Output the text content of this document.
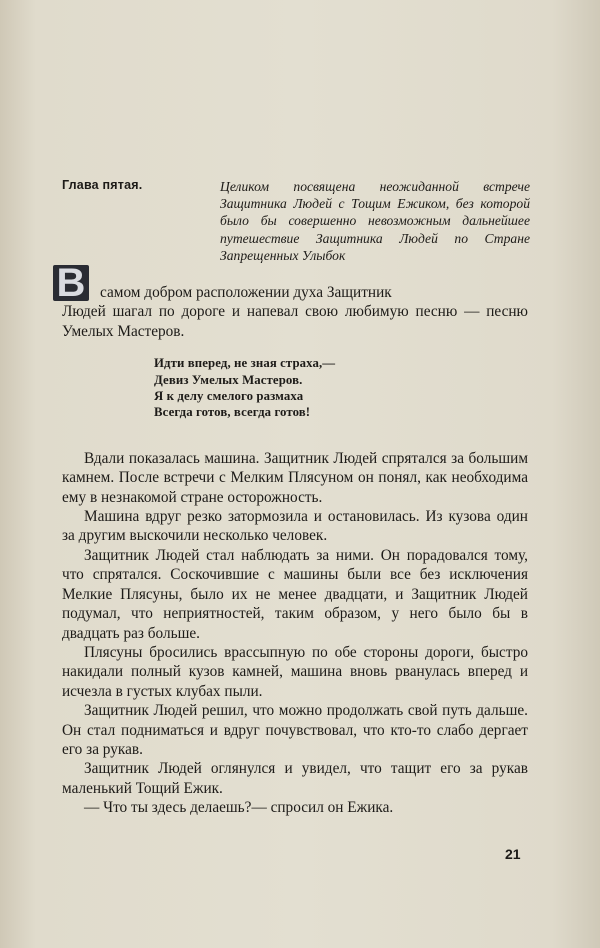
Глава пятая.	Целиком посвящена неожиданной встрече Защитника Людей с Тощим Ежиком, без которой было бы совершенно невозможным дальнейшее путешествие Защитника Людей по Стране Запрещенных Улыбок
В самом добром расположении духа Защитник

Людей шагал по дороге и напевал свою любимую песню — песню Умелых Мастеров.

Идти вперед, не зная страха,—
Девиз Умелых Мастеров.
Я к делу смелого размаха
Всегда готов, всегда готов!

Вдали показалась машина. Защитник Людей спрятался за большим камнем. После встречи с Мелким Плясуном он понял, как необходима ему в незнакомой стране осторожность.

Машина вдруг резко затормозила и остановилась. Из кузова один за другим выскочили несколько человек.

Защитник Людей стал наблюдать за ними. Он порадовался тому, что спрятался. Соскочившие с машины были все без исключения Мелкие Плясуны, было их не менее двадцати, и Защитник Людей подумал, что неприятностей, таким образом, у него было бы в двадцать раз больше.

Плясуны бросились врассыпную по обе стороны дороги, быстро накидали полный кузов камней, машина вновь рванулась вперед и исчезла в густых клубах пыли.

Защитник Людей решил, что можно продолжать свой путь дальше. Он стал подниматься и вдруг почувствовал, что кто-то слабо дергает его за рукав.

Защитник Людей оглянулся и увидел, что тащит его за рукав маленький Тощий Ежик.

— Что ты здесь делаешь?— спросил он Ежика.

21
